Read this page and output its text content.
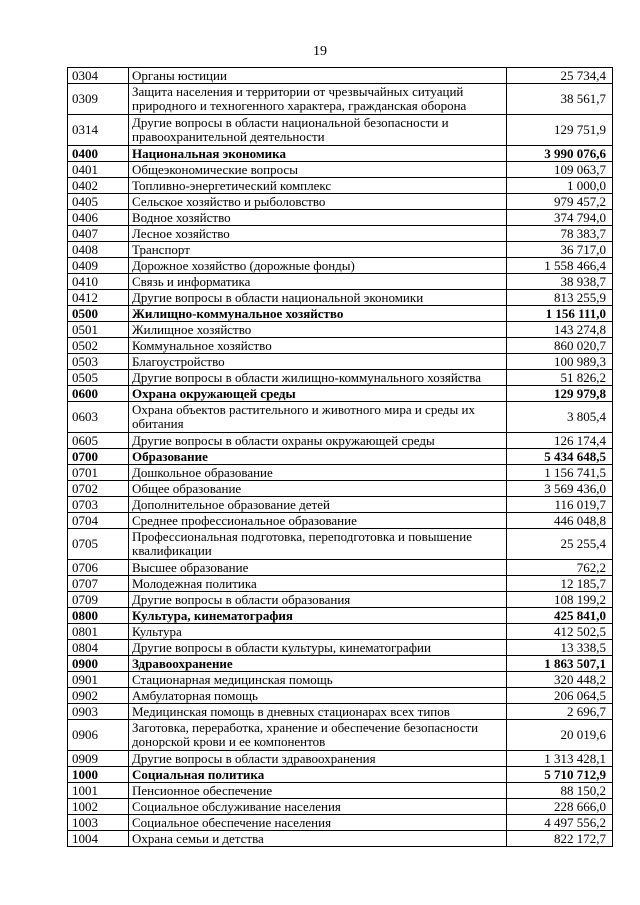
19
0304	Органы юстиции	25 734,4
0309	Защита населения и территории от чрезвычайных ситуаций природного и техногенного характера, гражданская оборона	38 561,7
0314	Другие вопросы в области национальной безопасности и правоохранительной деятельности	129 751,9
0400	Национальная экономика	3 990 076,6
0401	Общеэкономические вопросы	109 063,7
0402	Топливно-энергетический комплекс	1 000,0
0405	Сельское хозяйство и рыболовство	979 457,2
0406	Водное хозяйство	374 794,0
0407	Лесное хозяйство	78 383,7
0408	Транспорт	36 717,0
0409	Дорожное хозяйство (дорожные фонды)	1 558 466,4
0410	Связь и информатика	38 938,7
0412	Другие вопросы в области национальной экономики	813 255,9
0500	Жилищно-коммунальное хозяйство	1 156 111,0
0501	Жилищное хозяйство	143 274,8
0502	Коммунальное хозяйство	860 020,7
0503	Благоустройство	100 989,3
0505	Другие вопросы в области жилищно-коммунального хозяйства	51 826,2
0600	Охрана окружающей среды	129 979,8
0603	Охрана объектов растительного и животного мира и среды их обитания	3 805,4
0605	Другие вопросы в области охраны окружающей среды	126 174,4
0700	Образование	5 434 648,5
0701	Дошкольное образование	1 156 741,5
0702	Общее образование	3 569 436,0
0703	Дополнительное образование детей	116 019,7
0704	Среднее профессиональное образование	446 048,8
0705	Профессиональная подготовка, переподготовка и повышение квалификации	25 255,4
0706	Высшее образование	762,2
0707	Молодежная политика	12 185,7
0709	Другие вопросы в области образования	108 199,2
0800	Культура, кинематография	425 841,0
0801	Культура	412 502,5
0804	Другие вопросы в области культуры, кинематографии	13 338,5
0900	Здравоохранение	1 863 507,1
0901	Стационарная медицинская помощь	320 448,2
0902	Амбулаторная помощь	206 064,5
0903	Медицинская помощь в дневных стационарах всех типов	2 696,7
0906	Заготовка, переработка, хранение и обеспечение безопасности донорской крови и ее компонентов	20 019,6
0909	Другие вопросы в области здравоохранения	1 313 428,1
1000	Социальная политика	5 710 712,9
1001	Пенсионное обеспечение	88 150,2
1002	Социальное обслуживание населения	228 666,0
1003	Социальное обеспечение населения	4 497 556,2
1004	Охрана семьи и детства	822 172,7
